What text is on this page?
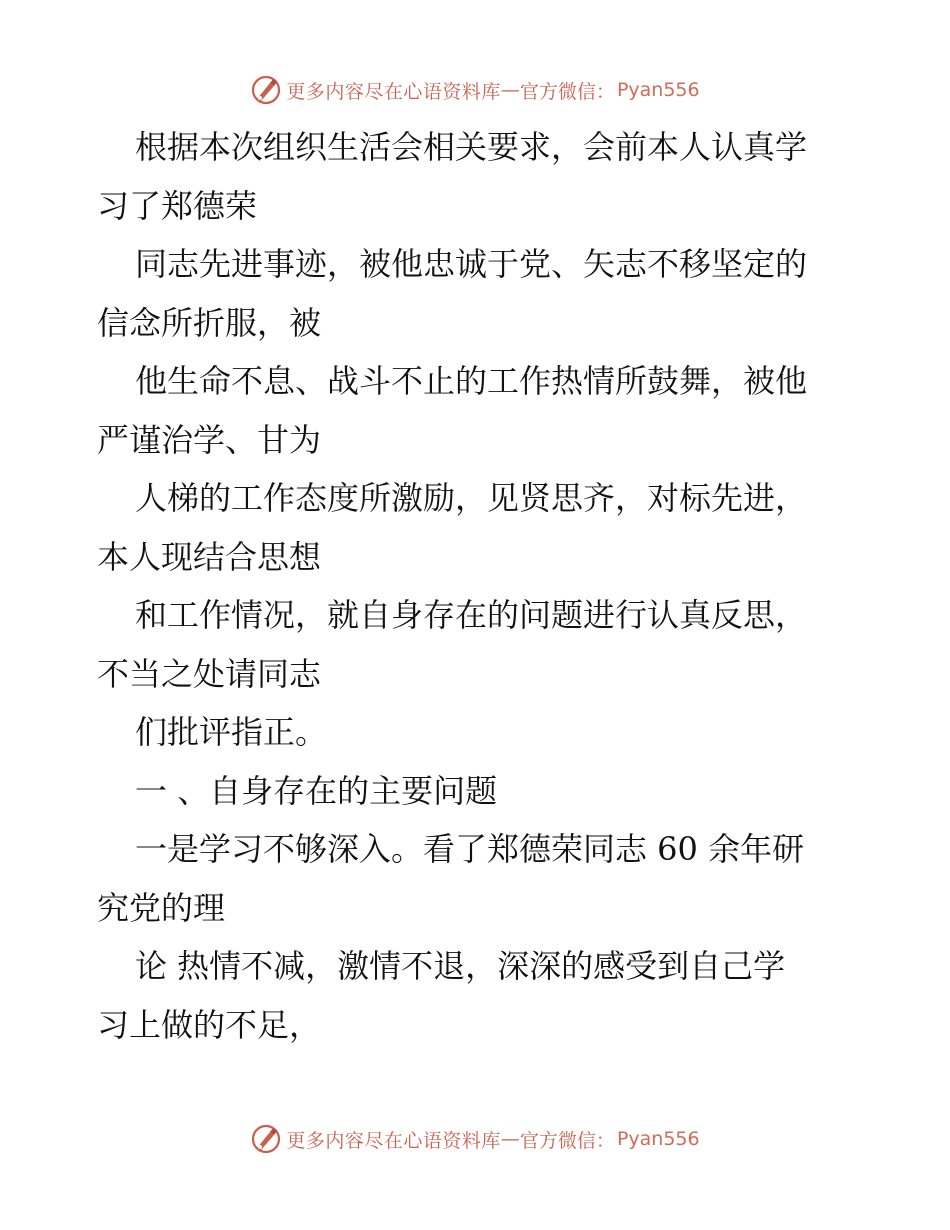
更多内容尽在心语资料库 — 官方微信： Pyan556
根据本次组织生活会相关要求，会前本人认真学
习了郑德荣
同志先进事迹，被他忠诚于党、矢志不移坚定的
信念所折服，被
他生命不息、战斗不止的工作热情所鼓舞，被他
严谨治学、甘为
人梯的工作态度所激励，见贤思齐，对标先进，
本人现结合思想
和工作情况，就自身存在的问题进行认真反思，
不当之处请同志
们批评指正。
一 、自身存在的主要问题
一是学习不够深入。看了郑德荣同志 60 余年研
究党的理
论 热情不减，激情不退，深深的感受到自己学
习上做的不足，
更多内容尽在心语资料库 — 官方微信： Pyan556
